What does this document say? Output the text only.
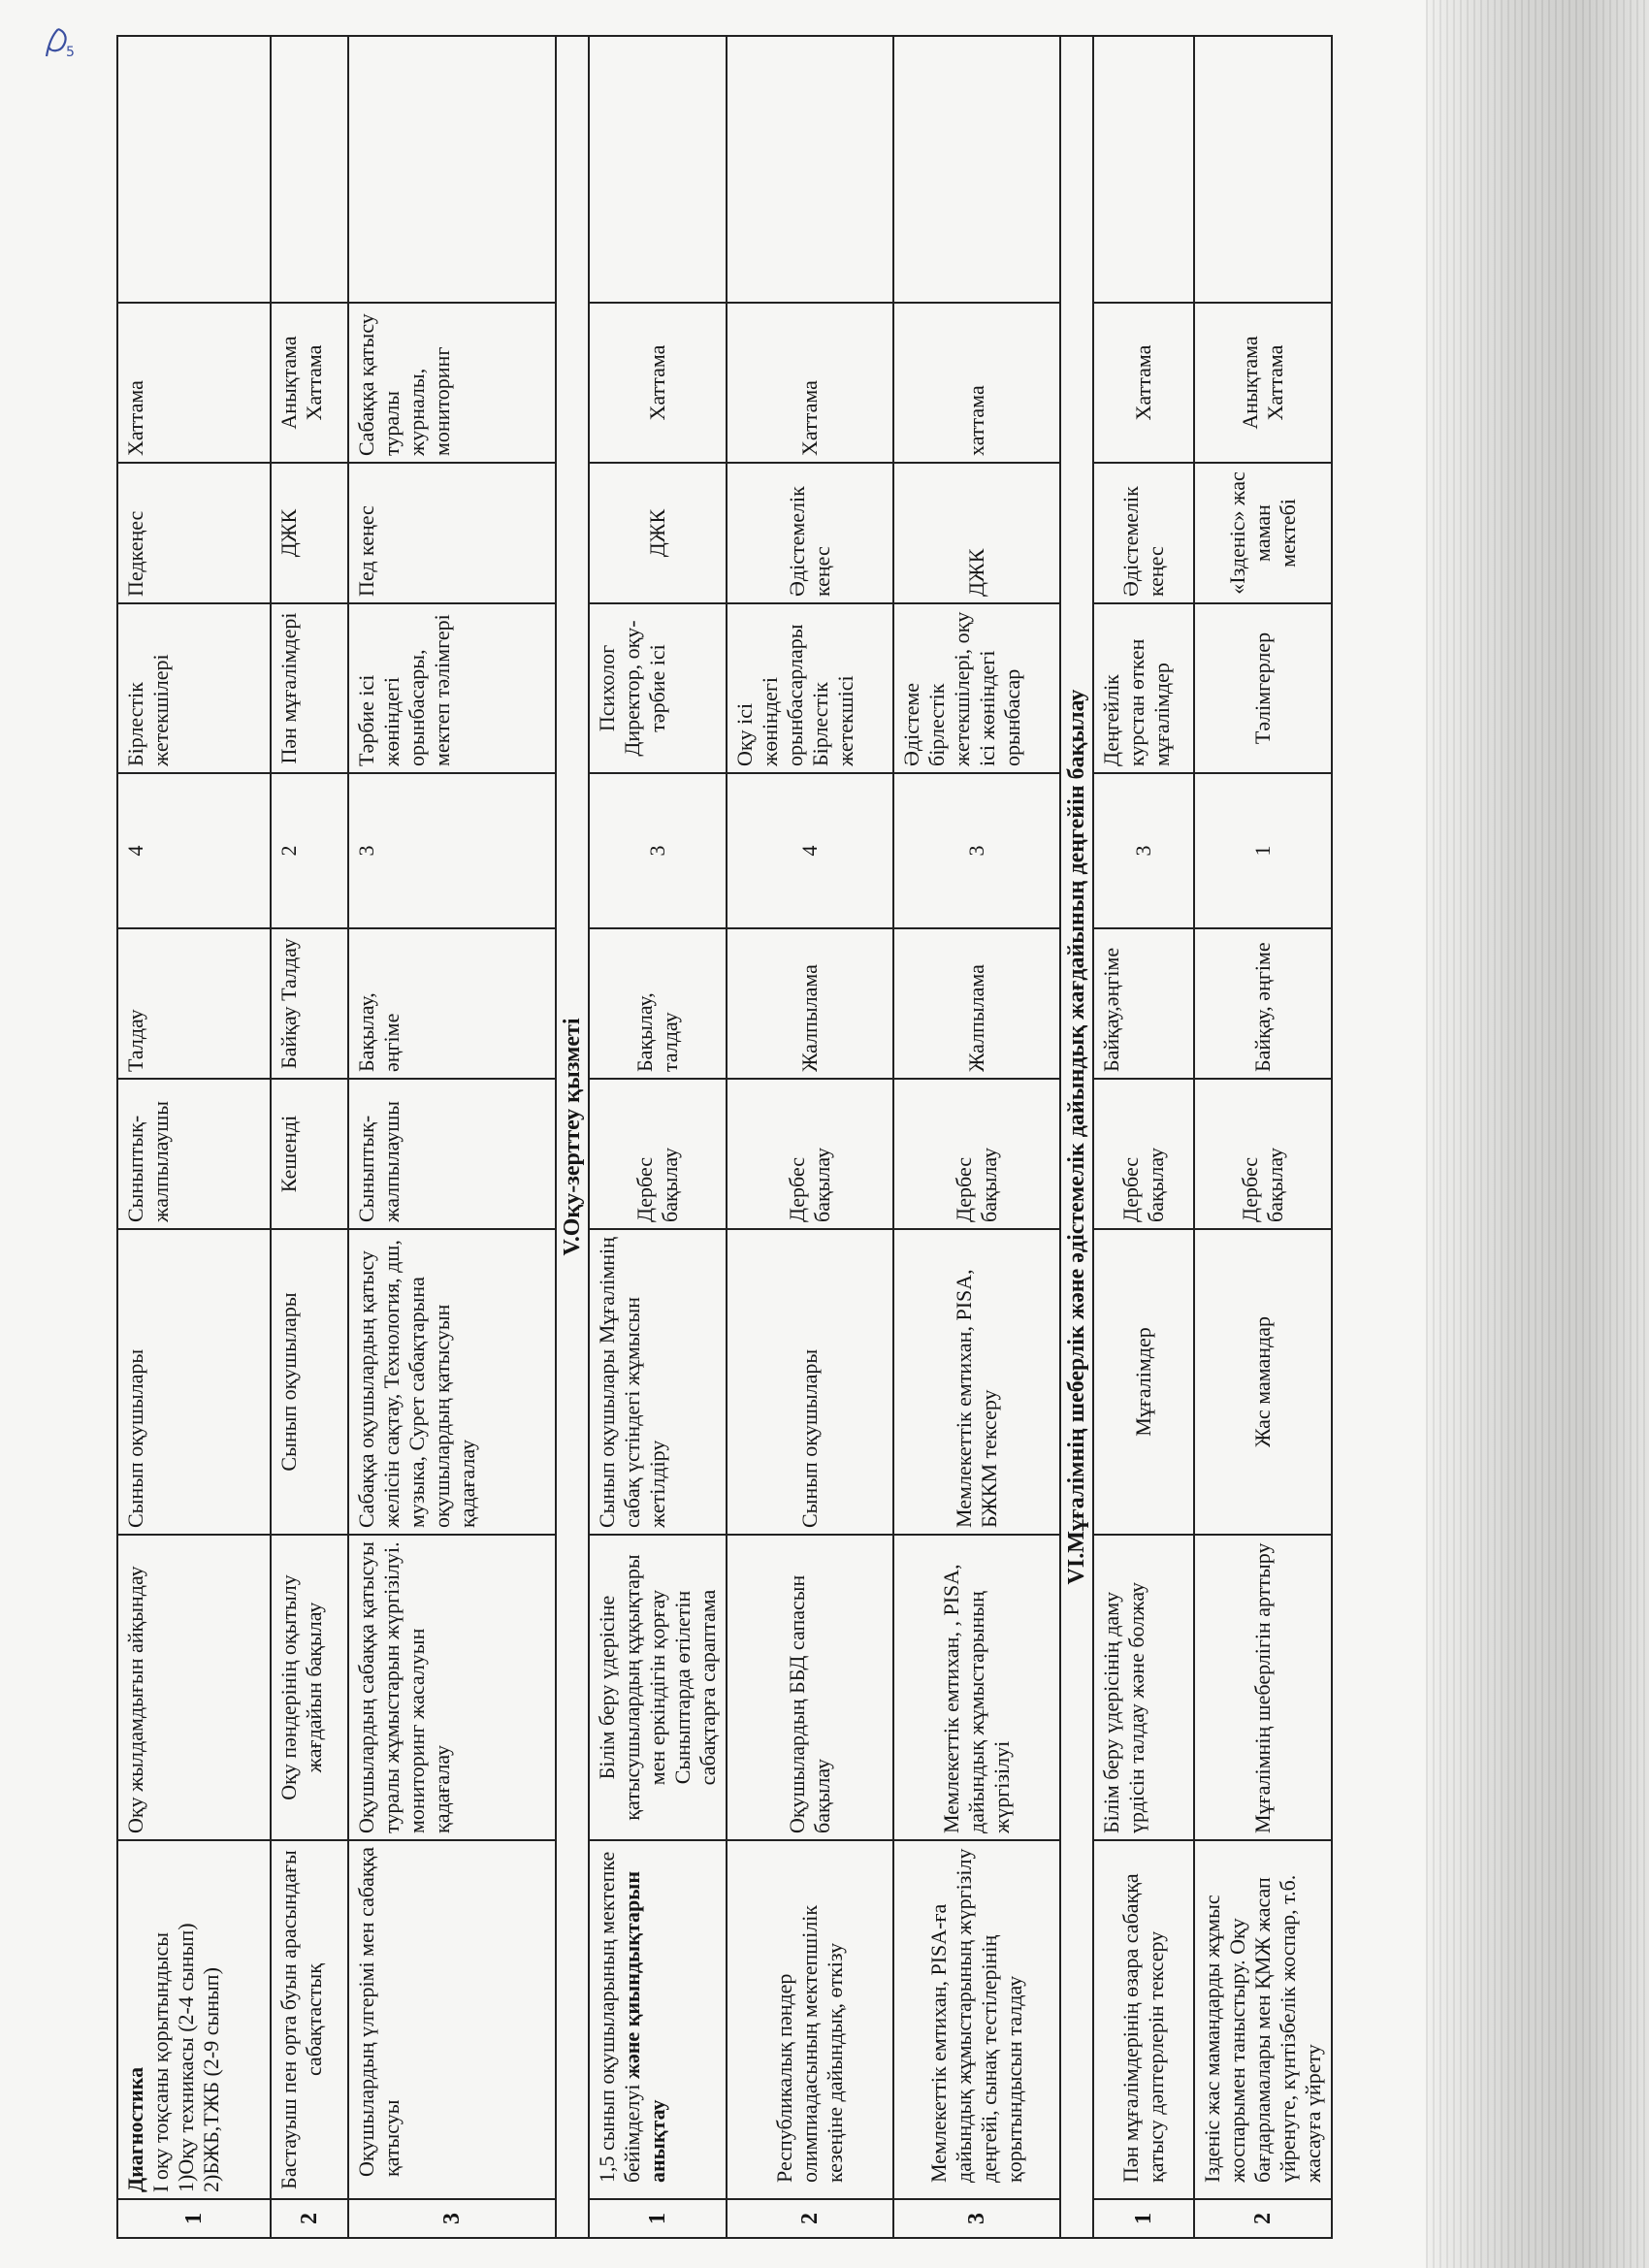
5
1	Диагностика I оқу тоқсаны қорытындысы 1)Оқу техникасы (2-4 сынып) 2)БЖБ,ТЖБ (2-9 сынып)	Оқу жылдамдығын айқындау	Сынып оқушылары	Сыныптық-жалпылаушы	Талдау	4	Бірлестік жетекшілері	Педкеңес	Хаттама	
2	Бастауыш пен орта буын арасындағы сабақтастық	Оқу пәндерінің оқытылу жағдайын бақылау	Сынып оқушылары	Кешенді	Байқау Талдау	2	Пән мұғалімдері	ДЖК	Анықтама Хаттама	
3	Оқушылардың үлгерімі мен сабаққа қатысуы	Оқушылардың сабаққа қатысуы туралы жұмыстарын жүргізілуі. мониторинг жасалуын қадағалау	Сабаққа оқушылардың қатысу желісін сақтау, Технология, дш, музыка, Сурет сабақтарына оқушылардың қатысуын қадағалау	Сыныптық-жалпылаушы	Бақылау, әңгіме	3	Тәрбие ісі жөніндегі орынбасары, мектеп тәлімгері	Пед кеңес	Сабаққа қатысу туралы журналы, мониторинг	
V.Оқу-зерттеу қызметі										
1	1,5 сынып оқушыларының мектепке бейімделуі және қиындықтарын анықтау	Білім беру үдерісіне қатысушылардың құқықтары мен еркіндігін қорғау Сыныптарда өтілетін сабақтарға сараптама	Сынып оқушылары Мұғалімнің сабақ үстіндегі жұмысын жетілдіру	Дербес бақылау	Бақылау, талдау	3	Психолог Директор, оқу-тәрбие ісі	ДЖК	Хаттама	
2	Республикалық пәндер олимпиадасының мектепшілік кезеңіне дайындық, өткізу	Оқушылардың ББД сапасын бақылау	Сынып оқушылары	Дербес бақылау	Жалпылама	4	Оқу ісі жөніндегі орынбасарлары Бірлестік жетекшісі	Әдістемелік кеңес	Хаттама	
3	Мемлекеттік емтихан, PISA-ға дайындық жұмыстарының жүргізілу деңгейі, сынақ тестілерінің қорытындысын талдау	Мемлекеттік емтихан, , PISA, дайындық жұмыстарының жүргізілуі	Мемлекеттік емтихан, PISA, БЖКМ тексеру	Дербес бақылау	Жалпылама	3	Әдістеме бірлестік жетекшілері, оқу ісі жөніндегі орынбасар	ДЖК	хаттама	
VI.Мұғалімнің шеберлік және әдістемелік дайындық жағдайының деңгейін бақылау										
1	Пән мұғалімдерінің өзара сабаққа қатысу дәптерлерін тексеру	Білім беру үдерісінің даму үрдісін талдау және болжау	Мұғалімдер	Дербес бақылау	Байқау,әңгіме	3	Деңгейлік курстан өткен мұғалімдер	Әдістемелік кеңес	Хаттама	
2	Ізденіс жас мамандарды жұмыс жоспарымен таныстыру. Оқу бағдарламалары мен ҚМЖ жасап үйренуге, күнтізбелік жоспар, т.б. жасауға үйрету	Мұғалімнің шеберлігін арттыру	Жас мамандар	Дербес бақылау	Байқау, әңгіме	1	Тәлімгерлер	«Ізденіс» жас маман мектебі	Анықтама Хаттама	
